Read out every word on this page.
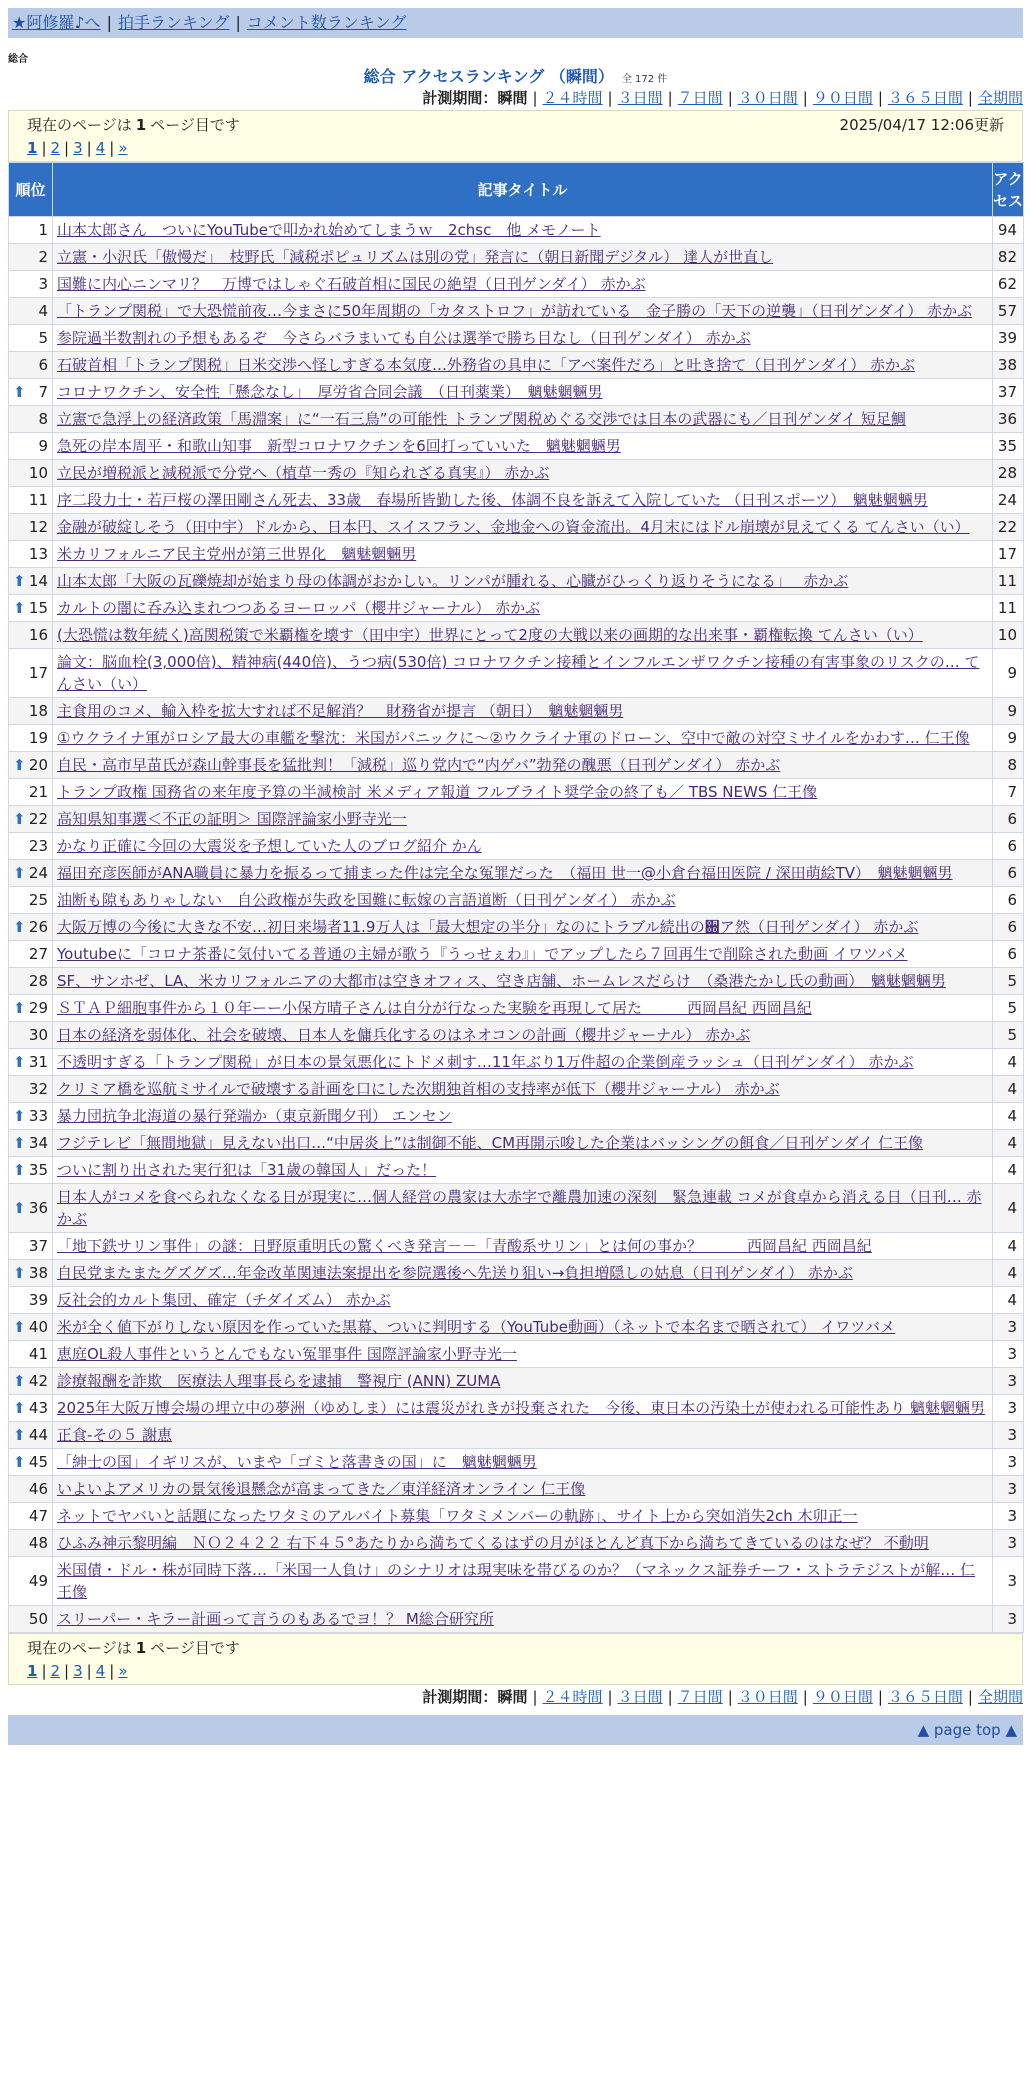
★阿修羅♪へ | 拍手ランキング | コメント数ランキング
総合
総合 アクセスランキング （瞬間） 全 172 件
計測期間：瞬間 | ２４時間 | ３日間 | ７日間 | ３０日間 | ９０日間 | ３６５日間 | 全期間
現在のページは 1 ページ目です	2025/04/17 12:06更新
1 | 2 | 3 | 4 | »
順位	記事タイトル	アクセス
1	山本太郎さん　ついにYouTubeで叩かれ始めてしまうｗ　2chsc　他 メモノート	94
2	立憲・小沢氏「傲慢だ」　枝野氏「減税ポピュリズムは別の党」発言に（朝日新聞デジタル） 達人が世直し	82
3	国難に内心ニンマリ？　万博ではしゃぐ石破首相に国民の絶望（日刊ゲンダイ） 赤かぶ	62
4	「トランプ関税」で大恐慌前夜…今まさに50年周期の「カタストロフ」が訪れている　金子勝の「天下の逆襲」（日刊ゲンダイ） 赤かぶ	57
5	参院過半数割れの予想もあるぞ　今さらバラまいても自公は選挙で勝ち目なし（日刊ゲンダイ） 赤かぶ	39
6	石破首相「トランプ関税」日米交渉へ怪しすぎる本気度…外務省の具申に「アベ案件だろ」と吐き捨て（日刊ゲンダイ） 赤かぶ	38

⬆ 7	コロナワクチン、安全性「懸念なし」　厚労省合同会議　（日刊薬業）　魑魅魍魎男	37
8	立憲で急浮上の経済政策「馬淵案」に“一石三鳥”の可能性 トランプ関税めぐる交渉では日本の武器にも／日刊ゲンダイ 短足鯛	36
9	急死の岸本周平・和歌山知事　新型コロナワクチンを6回打っていいた　魑魅魍魎男	35
10	立民が増税派と減税派で分党へ（植草一秀の『知られざる真実』） 赤かぶ	28
11	序二段力士・若戸桜の澤田剛さん死去、33歳　春場所皆勤した後、体調不良を訴えて入院していた （日刊スポーツ）　魑魅魍魎男	24
12	金融が破綻しそう（田中宇）ドルから、日本円、スイスフラン、金地金への資金流出。4月末にはドル崩壊が見えてくる てんさい（い）	22
13	米カリフォルニア民主党州が第三世界化　魑魅魍魎男	17

⬆ 14	山本太郎「大阪の瓦礫焼却が始まり母の体調がおかしい。リンパが腫れる、心臓がひっくり返りそうになる」　 赤かぶ	11

⬆ 15	カルトの闇に呑み込まれつつあるヨーロッパ（櫻井ジャーナル） 赤かぶ	11
16	(大恐慌は数年続く)高関税策で米覇権を壊す（田中宇）世界にとって2度の大戦以来の画期的な出来事・覇権転換 てんさい（い）	10
17	論文：脳血栓(3,000倍)、精神病(440倍)、うつ病(530倍) コロナワクチン接種とインフルエンザワクチン接種の有害事象のリスクの… てんさい（い）	9
18	主食用のコメ、輸入枠を拡大すれば不足解消？　財務省が提言 （朝日）　魑魅魍魎男	9
19	①ウクライナ軍がロシア最大の車艦を撃沈：米国がパニックに～②ウクライナ軍のドローン、空中で敵の対空ミサイルをかわす… 仁王像	9

⬆ 20	自民・高市早苗氏が森山幹事長を猛批判！「減税」巡り党内で“内ゲバ”勃発の醜悪（日刊ゲンダイ） 赤かぶ	8
21	トランプ政権 国務省の来年度予算の半減検討 米メディア報道 フルブライト奨学金の終了も／ TBS NEWS 仁王像	7

⬆ 22	高知県知事選＜不正の証明＞ 国際評論家小野寺光一	6
23	かなり正確に今回の大震災を予想していた人のブログ紹介 かん	6

⬆ 24	福田充彦医師がANA職員に暴力を振るって捕まった件は完全な冤罪だった　（福田 世一@小倉台福田医院 / 深田萌絵TV）　魑魅魍魎男	6
25	油断も隙もありゃしない　自公政権が失政を国難に転嫁の言語道断（日刊ゲンダイ） 赤かぶ	6

⬆ 26	大阪万博の今後に大きな不安…初日来場者11.9万人は「最大想定の半分」なのにトラブル続出の਍ア然（日刊ゲンダイ） 赤かぶ	6
27	Youtubeに「コロナ茶番に気付いてる普通の主婦が歌う『うっせぇわ』」でアップしたら７回再生で削除された動画 イワツバメ	6
28	SF、サンホゼ、LA、米カリフォルニアの大都市は空きオフィス、空き店舗、ホームレスだらけ　（桑港たかし氏の動画）　魑魅魍魎男	5

⬆ 29	ＳＴＡＰ細胞事件から１０年ーー小保方晴子さんは自分が行なった実験を再現して居た　　　西岡昌紀 西岡昌紀	5
30	日本の経済を弱体化、社会を破壊、日本人を傭兵化するのはネオコンの計画（櫻井ジャーナル） 赤かぶ	5

⬆ 31	不透明すぎる「トランプ関税」が日本の景気悪化にトドメ刺す…11年ぶり1万件超の企業倒産ラッシュ（日刊ゲンダイ） 赤かぶ	4
32	クリミア橋を巡航ミサイルで破壊する計画を口にした次期独首相の支持率が低下（櫻井ジャーナル） 赤かぶ	4

⬆ 33	暴力団抗争北海道の暴行発端か（東京新聞夕刊） エンセン	4

⬆ 34	フジテレビ「無間地獄」見えない出口…“中居炎上”は制御不能、CM再開示唆した企業はバッシングの餌食／日刊ゲンダイ 仁王像	4

⬆ 35	ついに割り出された実行犯は「31歳の韓国人」だった！	4

⬆ 36	日本人がコメを食べられなくなる日が現実に…個人経営の農家は大赤字で離農加速の深刻　緊急連載 コメが食卓から消える日（日刊… 赤かぶ	4
37	「地下鉄サリン事件」の謎：日野原重明氏の驚くべき発言－－「青酸系サリン」とは何の事か？　　　西岡昌紀 西岡昌紀	4

⬆ 38	自民党またまたグズグズ…年金改革関連法案提出を参院選後へ先送り狙い→負担増隠しの姑息（日刊ゲンダイ） 赤かぶ	4
39	反社会的カルト集団、確定（チダイズム） 赤かぶ	4

⬆ 40	米が全く値下がりしない原因を作っていた黒幕、ついに判明する（YouTube動画）（ネットで本名まで晒されて） イワツバメ	3
41	恵庭OL殺人事件というとんでもない冤罪事件 国際評論家小野寺光一	3

⬆ 42	診療報酬を詐欺　医療法人理事長らを逮捕　警視庁 (ANN) ZUMA	3

⬆ 43	2025年大阪万博会場の埋立中の夢洲（ゆめしま）には震災がれきが投棄された　今後、東日本の汚染土が使われる可能性あり 魑魅魍魎男	3

⬆ 44	正食-その５ 謝恵	3

⬆ 45	「紳士の国」イギリスが、いまや「ゴミと落書きの国」に　魑魅魍魎男	3
46	いよいよアメリカの景気後退懸念が高まってきた／東洋経済オンライン 仁王像	3
47	ネットでヤバいと話題になったワタミのアルバイト募集「ワタミメンバーの軌跡」、サイト上から突如消失2ch 木卯正一	3
48	ひふみ神示黎明編　ＮＯ２４２２ 右下４５°あたりから満ちてくるはずの月がほとんど真下から満ちてきているのはなぜ？ 不動明	3
49	米国債・ドル・株が同時下落…「米国一人負け」のシナリオは現実味を帯びるのか？（マネックス証券チーフ・ストラテジストが解… 仁王像	3
50	スリーパー・キラー計画って言うのもあるでヨ！？ M総合研究所	3
現在のページは 1 ページ目です
1 | 2 | 3 | 4 | »
計測期間：瞬間 | ２４時間 | ３日間 | ７日間 | ３０日間 | ９０日間 | ３６５日間 | 全期間
▲ page top ▲
